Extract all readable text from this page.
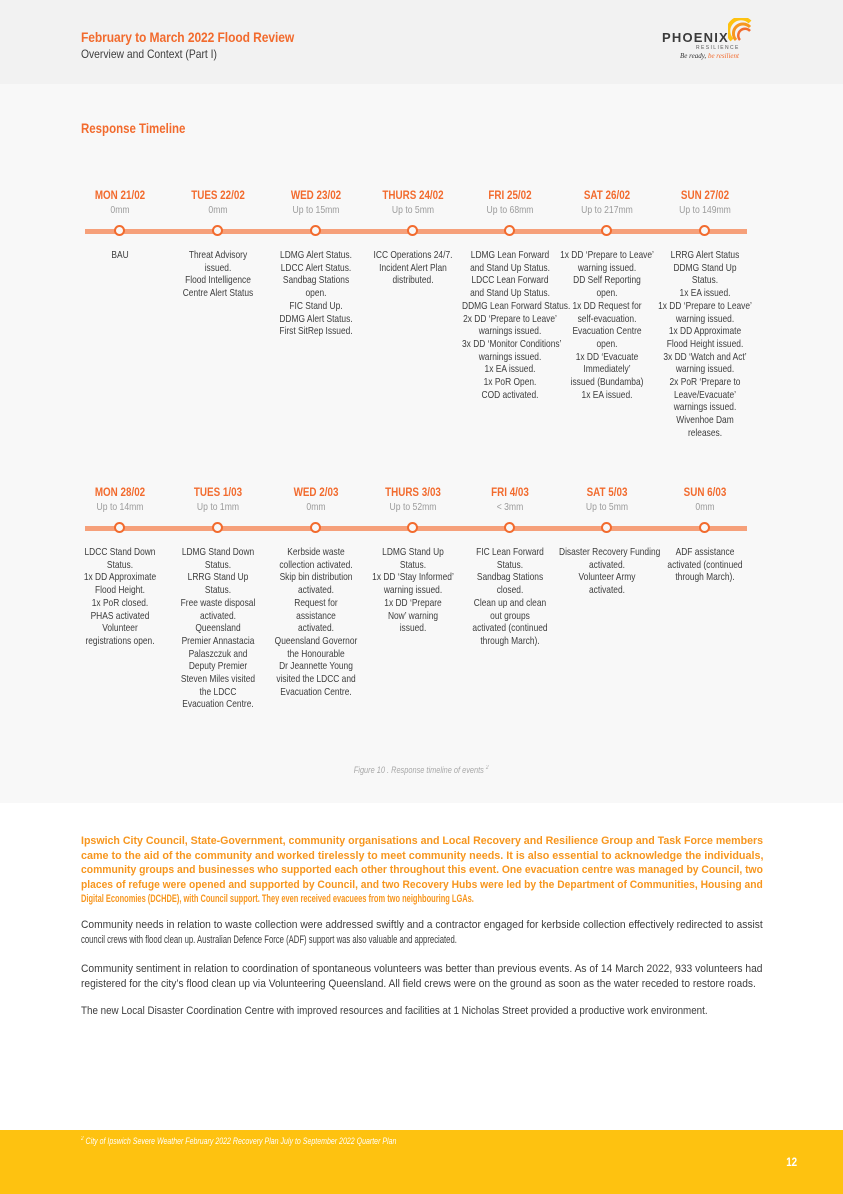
February to March 2022 Flood Review
Overview and Context (Part I)
PHOENIX
RESILIENCE
Be ready, be resilient
Response Timeline
MON 21/02
0mm
BAU
TUES 22/02
0mm
Threat Advisory
issued.
Flood Intelligence
Centre Alert Status
WED 23/02
Up to 15mm
LDMG Alert Status.
LDCC Alert Status.
Sandbag Stations
open.
FIC Stand Up.
DDMG Alert Status.
First SitRep Issued.
THURS 24/02
Up to 5mm
ICC Operations 24/7.
Incident Alert Plan
distributed.
FRI 25/02
Up to 68mm
LDMG Lean Forward
and Stand Up Status.
LDCC Lean Forward
and Stand Up Status.
DDMG Lean Forward Status.
2x DD ‘Prepare to Leave’
warnings issued.
3x DD ‘Monitor Conditions’
warnings issued.
1x EA issued.
1x PoR Open.
COD activated.
SAT 26/02
Up to 217mm
1x DD ‘Prepare to Leave’
warning issued.
DD Self Reporting
open.
1x DD Request for
self-evacuation.
Evacuation Centre
open.
1x DD ‘Evacuate
Immediately’
issued (Bundamba)
1x EA issued.
SUN 27/02
Up to 149mm
LRRG Alert Status
DDMG Stand Up
Status.
1x EA issued.
1x DD ‘Prepare to Leave’
warning issued.
1x DD Approximate
Flood Height issued.
3x DD ‘Watch and Act’
warning issued.
2x PoR ‘Prepare to
Leave/Evacuate’
warnings issued.
Wivenhoe Dam
releases.
MON 28/02
Up to 14mm
LDCC Stand Down
Status.
1x DD Approximate
Flood Height.
1x PoR closed.
PHAS activated
Volunteer
registrations open.
TUES 1/03
Up to 1mm
LDMG Stand Down
Status.
LRRG Stand Up
Status.
Free waste disposal
activated.
Queensland
Premier Annastacia
Palaszczuk and
Deputy Premier
Steven Miles visited
the LDCC
Evacuation Centre.
WED 2/03
0mm
Kerbside waste
collection activated.
Skip bin distribution
activated.
Request for
assistance
activated.
Queensland Governor
the Honourable
Dr Jeannette Young
visited the LDCC and
Evacuation Centre.
THURS 3/03
Up to 52mm
LDMG Stand Up
Status.
1x DD ‘Stay Informed’
warning issued.
1x DD ‘Prepare
Now’ warning
issued.
FRI 4/03
< 3mm
FIC Lean Forward
Status.
Sandbag Stations
closed.
Clean up and clean
out groups
activated (continued
through March).
SAT 5/03
Up to 5mm
Disaster Recovery Funding
activated.
Volunteer Army
activated.
SUN 6/03
0mm
ADF assistance
activated (continued
through March).
Figure 10 . Response timeline of events $^2$
Ipswich City Council, State-Government, community organisations and Local Recovery and Resilience Group and Task Force members
came to the aid of the community and worked tirelessly to meet community needs. It is also essential to acknowledge the individuals,
community groups and businesses who supported each other throughout this event. One evacuation centre was managed by Council, two
places of refuge were opened and supported by Council, and two Recovery Hubs were led by the Department of Communities, Housing and
Digital Economies (DCHDE), with Council support. They even received evacuees from two neighbouring LGAs.
Community needs in relation to waste collection were addressed swiftly and a contractor engaged for kerbside collection effectively redirected to assist
council crews with flood clean up. Australian Defence Force (ADF) support was also valuable and appreciated.
Community sentiment in relation to coordination of spontaneous volunteers was better than previous events. As of 14 March 2022, 933 volunteers had
registered for the city’s flood clean up via Volunteering Queensland. All field crews were on the ground as soon as the water receded to restore roads.
The new Local Disaster Coordination Centre with improved resources and facilities at 1 Nicholas Street provided a productive work environment.
$^2$ City of Ipswich Severe Weather February 2022 Recovery Plan July to September 2022 Quarter Plan
12
